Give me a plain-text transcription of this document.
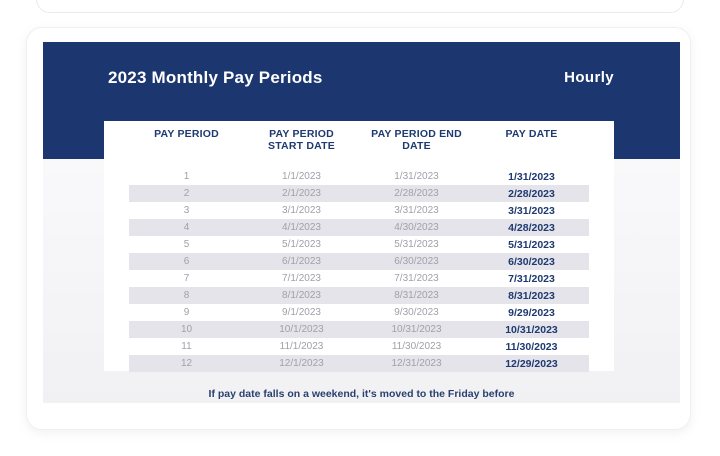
2023 Monthly Pay Periods	Hourly
PAY PERIOD	PAY PERIOD START DATE	PAY PERIOD END DATE	PAY DATE
1	1/1/2023	1/31/2023	1/31/2023
2	2/1/2023	2/28/2023	2/28/2023
3	3/1/2023	3/31/2023	3/31/2023
4	4/1/2023	4/30/2023	4/28/2023
5	5/1/2023	5/31/2023	5/31/2023
6	6/1/2023	6/30/2023	6/30/2023
7	7/1/2023	7/31/2023	7/31/2023
8	8/1/2023	8/31/2023	8/31/2023
9	9/1/2023	9/30/2023	9/29/2023
10	10/1/2023	10/31/2023	10/31/2023
11	11/1/2023	11/30/2023	11/30/2023
12	12/1/2023	12/31/2023	12/29/2023
If pay date falls on a weekend, it's moved to the Friday before
